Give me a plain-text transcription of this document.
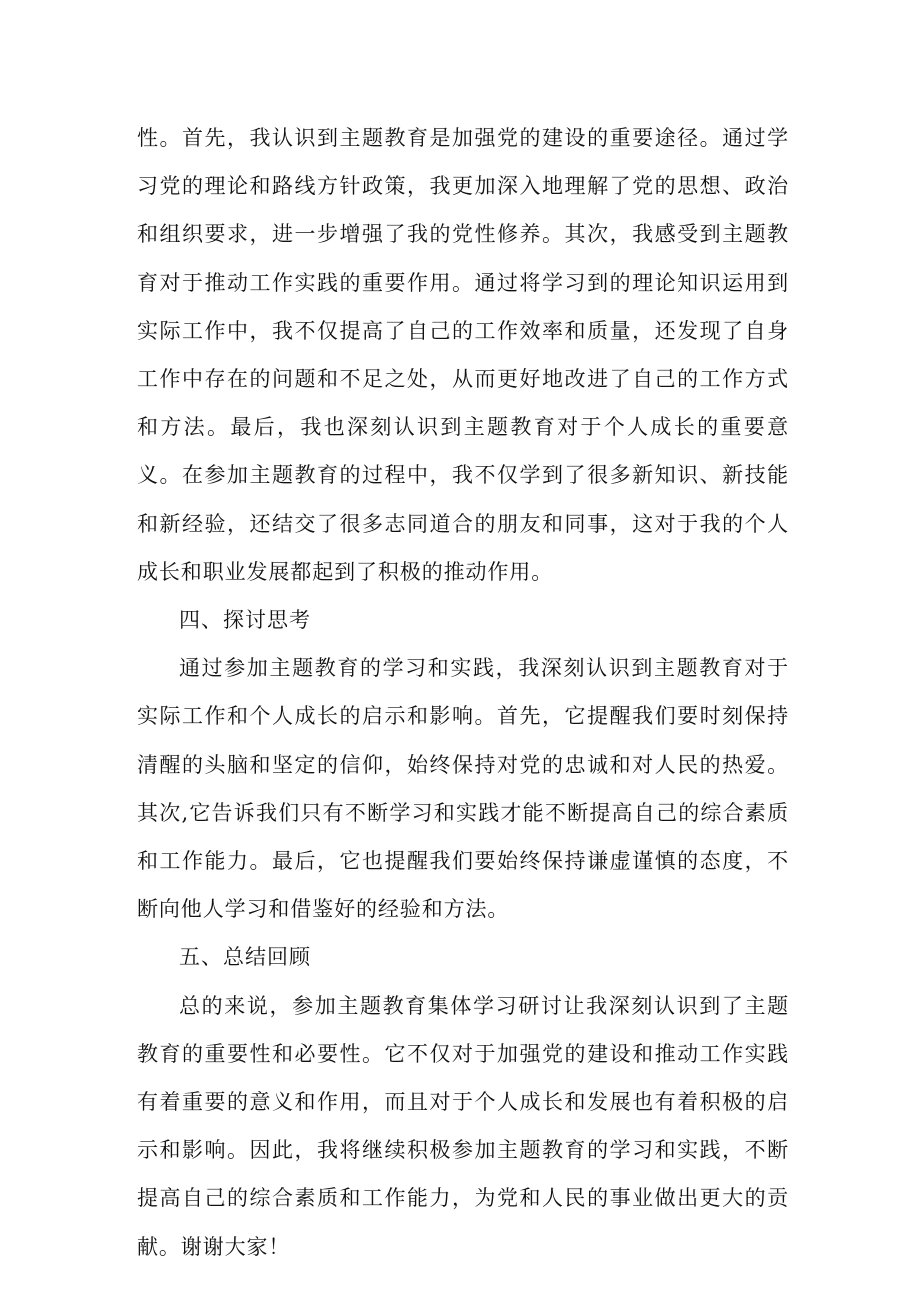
性。首先，我认识到主题教育是加强党的建设的重要途径。通过学习党的理论和路线方针政策，我更加深入地理解了党的思想、政治和组织要求，进一步增强了我的党性修养。其次，我感受到主题教育对于推动工作实践的重要作用。通过将学习到的理论知识运用到实际工作中，我不仅提高了自己的工作效率和质量，还发现了自身工作中存在的问题和不足之处，从而更好地改进了自己的工作方式和方法。最后，我也深刻认识到主题教育对于个人成长的重要意义。在参加主题教育的过程中，我不仅学到了很多新知识、新技能和新经验，还结交了很多志同道合的朋友和同事，这对于我的个人成长和职业发展都起到了积极的推动作用。

四、探讨思考

通过参加主题教育的学习和实践，我深刻认识到主题教育对于实际工作和个人成长的启示和影响。首先，它提醒我们要时刻保持清醒的头脑和坚定的信仰，始终保持对党的忠诚和对人民的热爱。其次,它告诉我们只有不断学习和实践才能不断提高自己的综合素质和工作能力。最后，它也提醒我们要始终保持谦虚谨慎的态度，不断向他人学习和借鉴好的经验和方法。

五、总结回顾

总的来说，参加主题教育集体学习研讨让我深刻认识到了主题教育的重要性和必要性。它不仅对于加强党的建设和推动工作实践有着重要的意义和作用，而且对于个人成长和发展也有着积极的启示和影响。因此，我将继续积极参加主题教育的学习和实践，不断提高自己的综合素质和工作能力，为党和人民的事业做出更大的贡献。谢谢大家！
